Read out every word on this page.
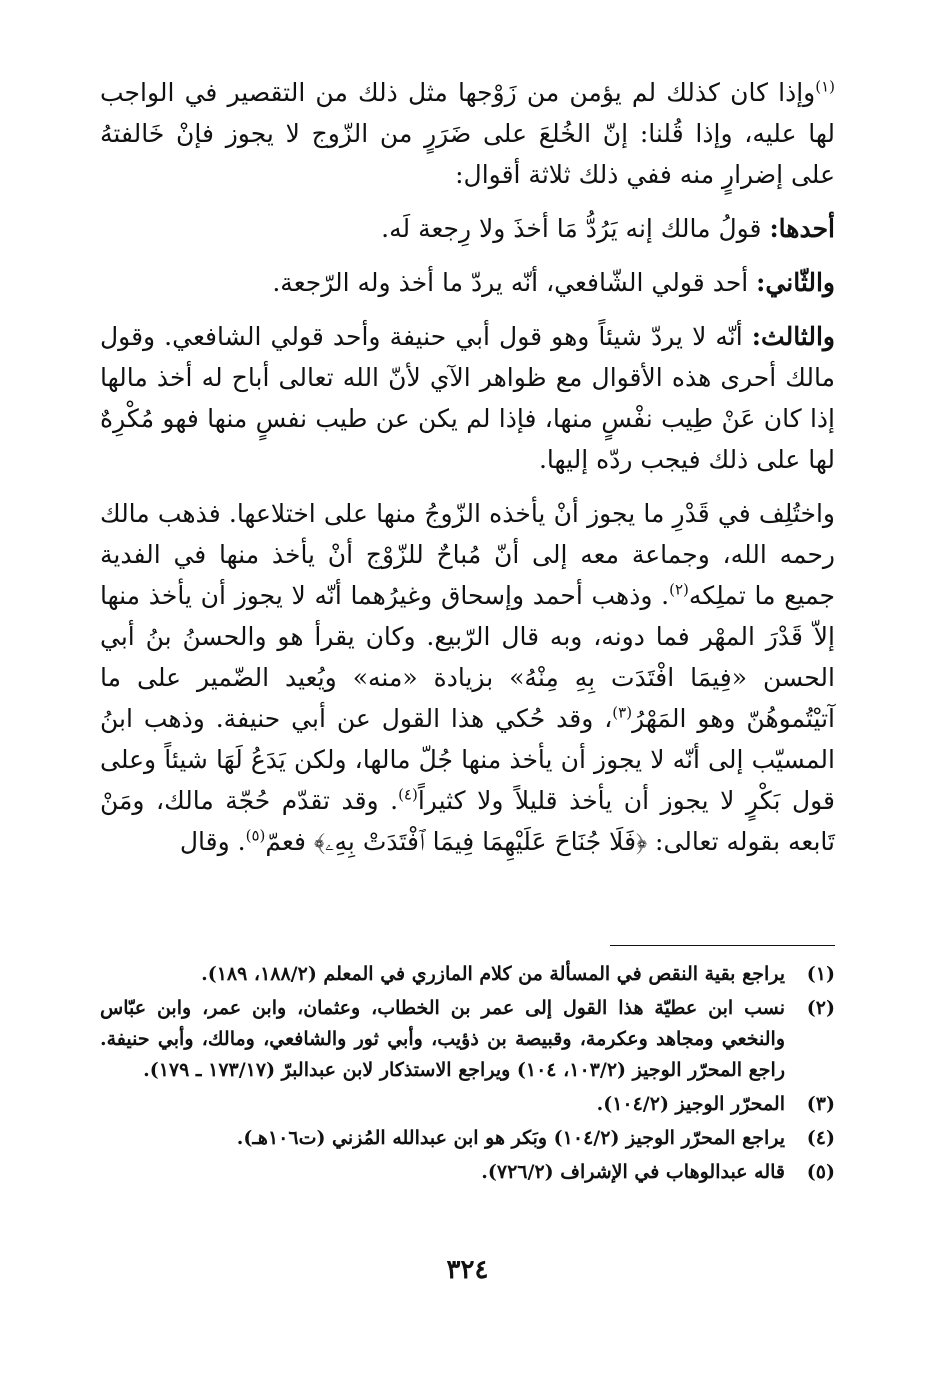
$^{(١)}$وإذا كان كذلك لم يؤمن من زَوْجها مثل ذلك من التقصير في الواجب لها عليه، وإذا قُلنا: إنّ الخُلعَ على ضَرَرٍ من الزّوج لا يجوز فإنْ خَالفتهُ على إضرارٍ منه ففي ذلك ثلاثة أقوال:

أحدها: قولُ مالك إنه يَرُدُّ مَا أخذَ ولا رِجعة لَه.

والثّاني: أحد قولي الشّافعي، أنّه يردّ ما أخذ وله الرّجعة.

والثالث: أنّه لا يردّ شيئاً وهو قول أبي حنيفة وأحد قولي الشافعي. وقول مالك أحرى هذه الأقوال مع ظواهر الآي لأنّ الله تعالى أباح له أخذ مالها إذا كان عَنْ طِيب نفْسٍ منها، فإذا لم يكن عن طيب نفسٍ منها فهو مُكْرِهٌ لها على ذلك فيجب ردّه إليها.

واختُلِف في قَدْرِ ما يجوز أنْ يأخذه الزّوجُ منها على اختلاعها. فذهب مالك رحمه الله، وجماعة معه إلى أنّ مُباحٌ للزّوْج أنْ يأخذ منها في الفدية جميع ما تملِكه$^{(٢)}$. وذهب أحمد وإسحاق وغيرُهما أنّه لا يجوز أن يأخذ منها إلاّ قَدْرَ المهْر فما دونه، وبه قال الرّبيع. وكان يقرأ هو والحسنُ بنُ أبي الحسن «فِيمَا افْتَدَت بِهِ مِنْهُ» بزيادة «منه» ويُعيد الضّمير على ما آتيْتُموهُنّ وهو المَهْرُ$^{(٣)}$، وقد حُكي هذا القول عن أبي حنيفة. وذهب ابنُ المسيّب إلى أنّه لا يجوز أن يأخذ منها جُلّ مالها، ولكن يَدَعُ لَهَا شيئاً وعلى قول بَكْرٍ لا يجوز أن يأخذ قليلاً ولا كثيراً$^{(٤)}$. وقد تقدّم حُجّة مالك، ومَنْ تَابعه بقوله تعالى: ﴿فَلَا جُنَاحَ عَلَيْهِمَا فِيمَا ٱفْتَدَتْ بِهِۦ﴾ فعمّ$^{(٥)}$. وقال

(١)
يراجع بقية النقص في المسألة من كلام المازري في المعلم (١٨٨/٢، ١٨٩).
(٢)
نسب ابن عطيّة هذا القول إلى عمر بن الخطاب، وعثمان، وابن عمر، وابن عبّاس والنخعي ومجاهد وعكرمة، وقبيصة بن ذؤيب، وأبي ثور والشافعي، ومالك، وأبي حنيفة. راجع المحرّر الوجيز (١٠٣/٢، ١٠٤) ويراجع الاستذكار لابن عبدالبرّ (١٧٣/١٧ ـ ١٧٩).
(٣)
المحرّر الوجيز (١٠٤/٢).
(٤)
يراجع المحرّر الوجيز (١٠٤/٢) وبَكر هو ابن عبدالله المُزني (ت١٠٦هـ).
(٥)
قاله عبدالوهاب في الإشراف (٧٢٦/٢).
٣٢٤
